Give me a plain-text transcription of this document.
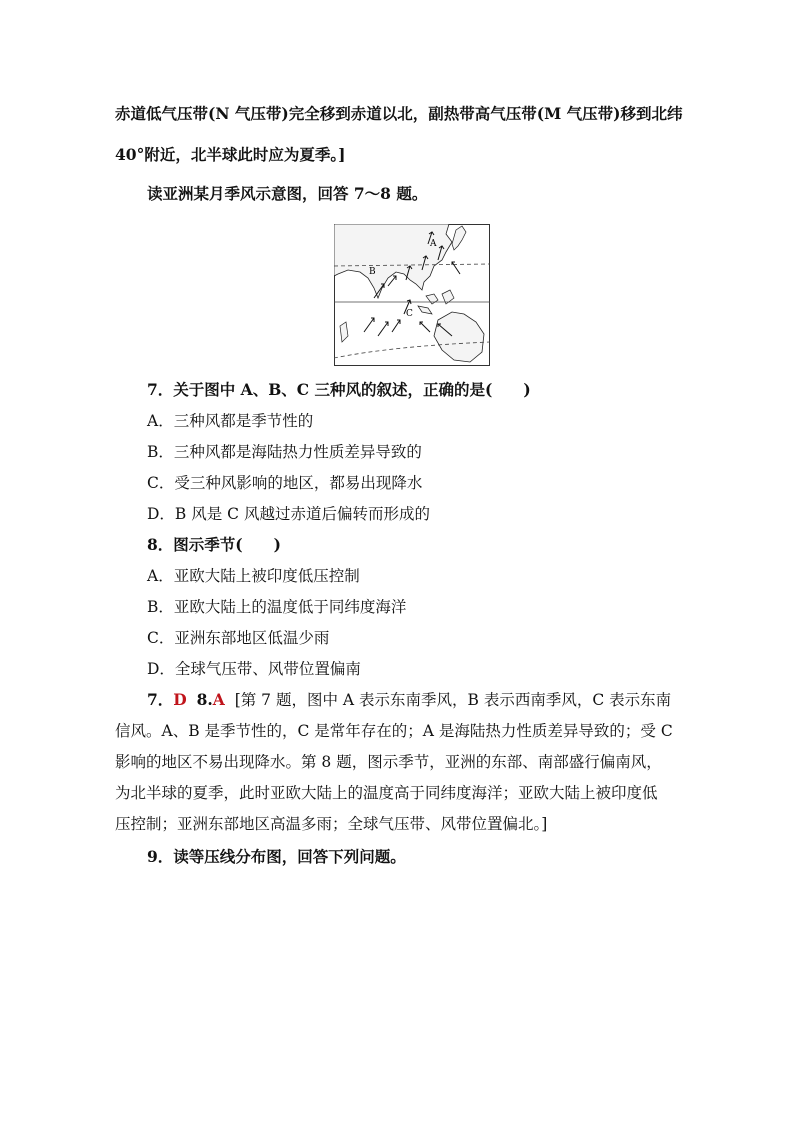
赤道低气压带(N 气压带)完全移到赤道以北，副热带高气压带(M 气压带)移到北纬
40°附近，北半球此时应为夏季。]
读亚洲某月季风示意图，回答 7～8 题。
A
B
C
7．关于图中 A、B、C 三种风的叙述，正确的是(　　)
A．三种风都是季节性的
B．三种风都是海陆热力性质差异导致的
C．受三种风影响的地区，都易出现降水
D．B 风是 C 风越过赤道后偏转而形成的
8．图示季节(　　)
A．亚欧大陆上被印度低压控制
B．亚欧大陆上的温度低于同纬度海洋
C．亚洲东部地区低温少雨
D．全球气压带、风带位置偏南
7．D 8.A [第 7 题，图中 A 表示东南季风，B 表示西南季风，C 表示东南
信风。A、B 是季节性的，C 是常年存在的；A 是海陆热力性质差异导致的；受 C
影响的地区不易出现降水。第 8 题，图示季节，亚洲的东部、南部盛行偏南风，
为北半球的夏季，此时亚欧大陆上的温度高于同纬度海洋；亚欧大陆上被印度低
压控制；亚洲东部地区高温多雨；全球气压带、风带位置偏北。]
9．读等压线分布图，回答下列问题。
